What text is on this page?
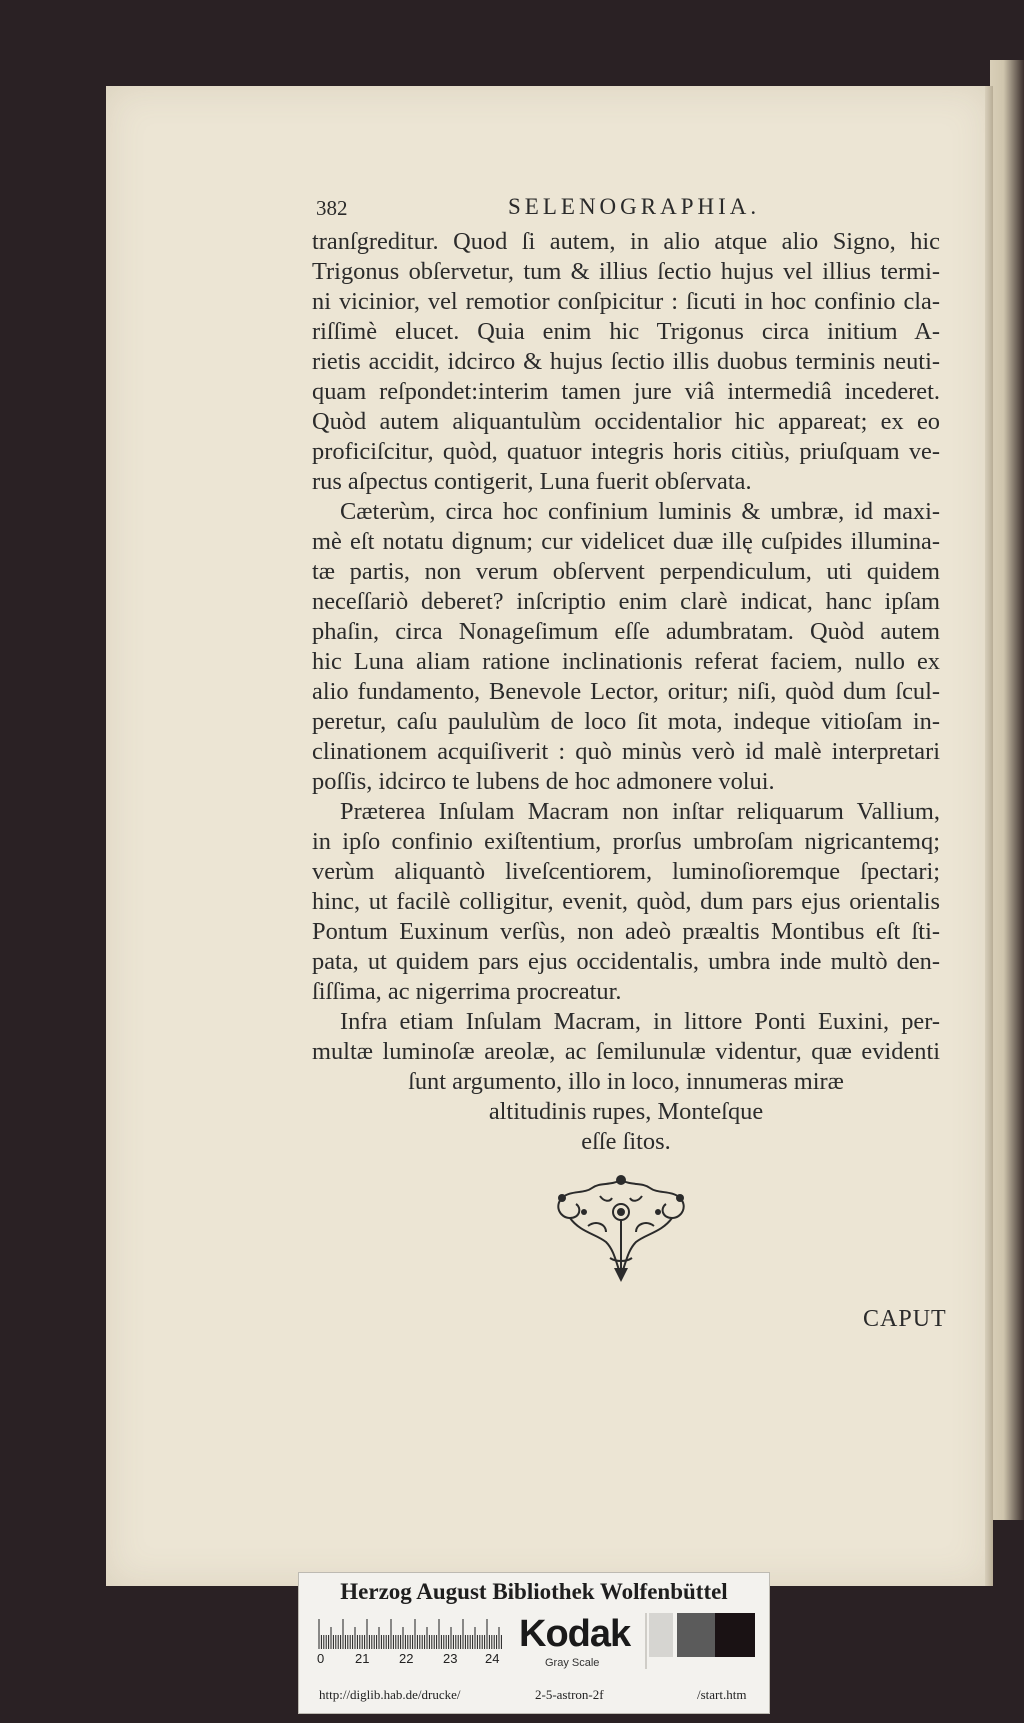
382	SELENOGRAPHIA.
tranſgreditur. Quod ſi autem, in alio atque alio Signo, hic
Trigonus obſervetur, tum & illius ſectio hujus vel illius termi-
ni vicinior, vel remotior conſpicitur : ſicuti in hoc confinio cla-
riſſimè elucet. Quia enim hic Trigonus circa initium A-
rietis accidit, idcirco & hujus ſectio illis duobus terminis neuti-
quam reſpondet:interim tamen jure viâ intermediâ incederet.
Quòd autem aliquantulùm occidentalior hic appareat; ex eo
proficiſcitur, quòd, quatuor integris horis citiùs, priuſquam ve-
rus aſpectus contigerit, Luna fuerit obſervata.
Cæterùm, circa hoc confinium luminis & umbræ, id maxi-
mè eſt notatu dignum; cur videlicet duæ illę cuſpides illumina-
tæ partis, non verum obſervent perpendiculum, uti quidem
neceſſariò deberet? inſcriptio enim clarè indicat, hanc ipſam
phaſin, circa Nonageſimum eſſe adumbratam. Quòd autem
hic Luna aliam ratione inclinationis referat faciem, nullo ex
alio fundamento, Benevole Lector, oritur; niſi, quòd dum ſcul-
peretur, caſu paululùm de loco ſit mota, indeque vitioſam in-
clinationem acquiſiverit : quò minùs verò id malè interpretari
poſſis, idcirco te lubens de hoc admonere volui.
Præterea Inſulam Macram non inſtar reliquarum Vallium,
in ipſo confinio exiſtentium, prorſus umbroſam nigricantemq;
verùm aliquantò liveſcentiorem, luminoſioremque ſpectari;
hinc, ut facilè colligitur, evenit, quòd, dum pars ejus orientalis
Pontum Euxinum verſùs, non adeò præaltis Montibus eſt ſti-
pata, ut quidem pars ejus occidentalis, umbra inde multò den-
ſiſſima, ac nigerrima procreatur.
Infra etiam Inſulam Macram, in littore Ponti Euxini, per-
multæ luminoſæ areolæ, ac ſemilunulæ videntur, quæ evidenti
ſunt argumento, illo in loco, innumeras miræ
altitudinis rupes, Monteſque
eſſe ſitos.
CAPUT
Herzog August Bibliothek Wolfenbüttel
0 21 22 23 24
Kodak
Gray Scale
http://diglib.hab.de/drucke/	2-5-astron-2f	/start.htm
